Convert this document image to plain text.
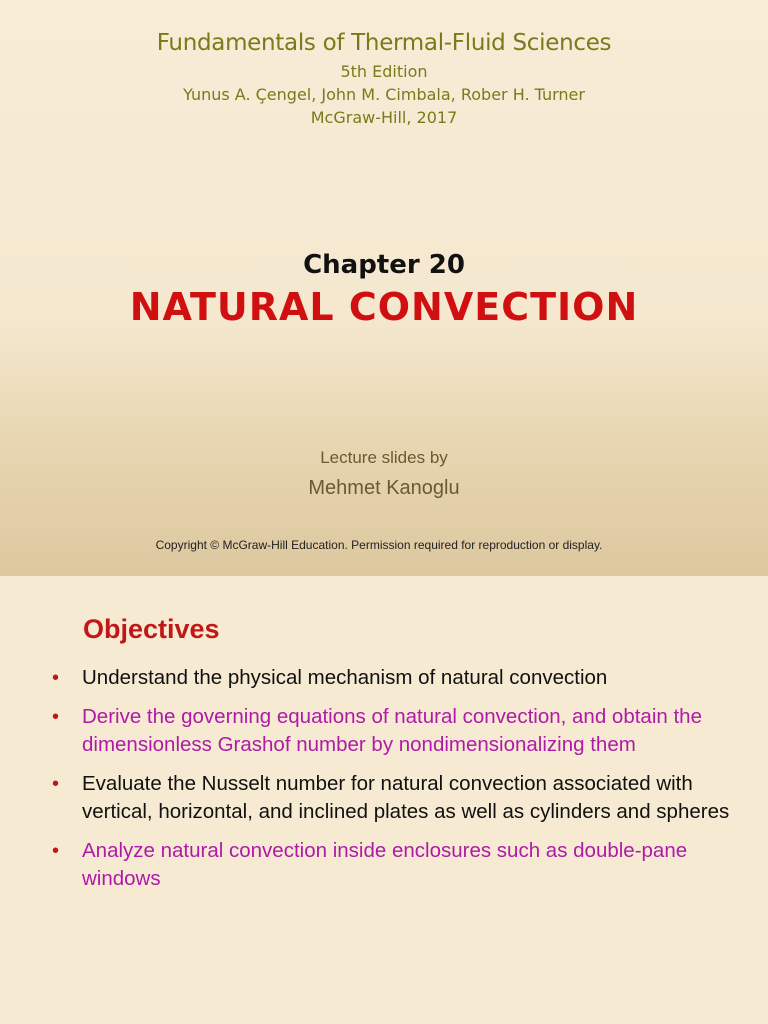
Fundamentals of Thermal-Fluid Sciences
5th Edition
Yunus A. Çengel, John M. Cimbala, Rober H. Turner
McGraw-Hill, 2017
Chapter 20
NATURAL CONVECTION
Lecture slides by
Mehmet Kanoglu
Copyright © McGraw-Hill Education. Permission required for reproduction or display.
Objectives
• Understand the physical mechanism of natural convection
• Derive the governing equations of natural convection, and obtain the dimensionless Grashof number by nondimensionalizing them
• Evaluate the Nusselt number for natural convection associated with vertical, horizontal, and inclined plates as well as cylinders and spheres
• Analyze natural convection inside enclosures such as double-pane windows
